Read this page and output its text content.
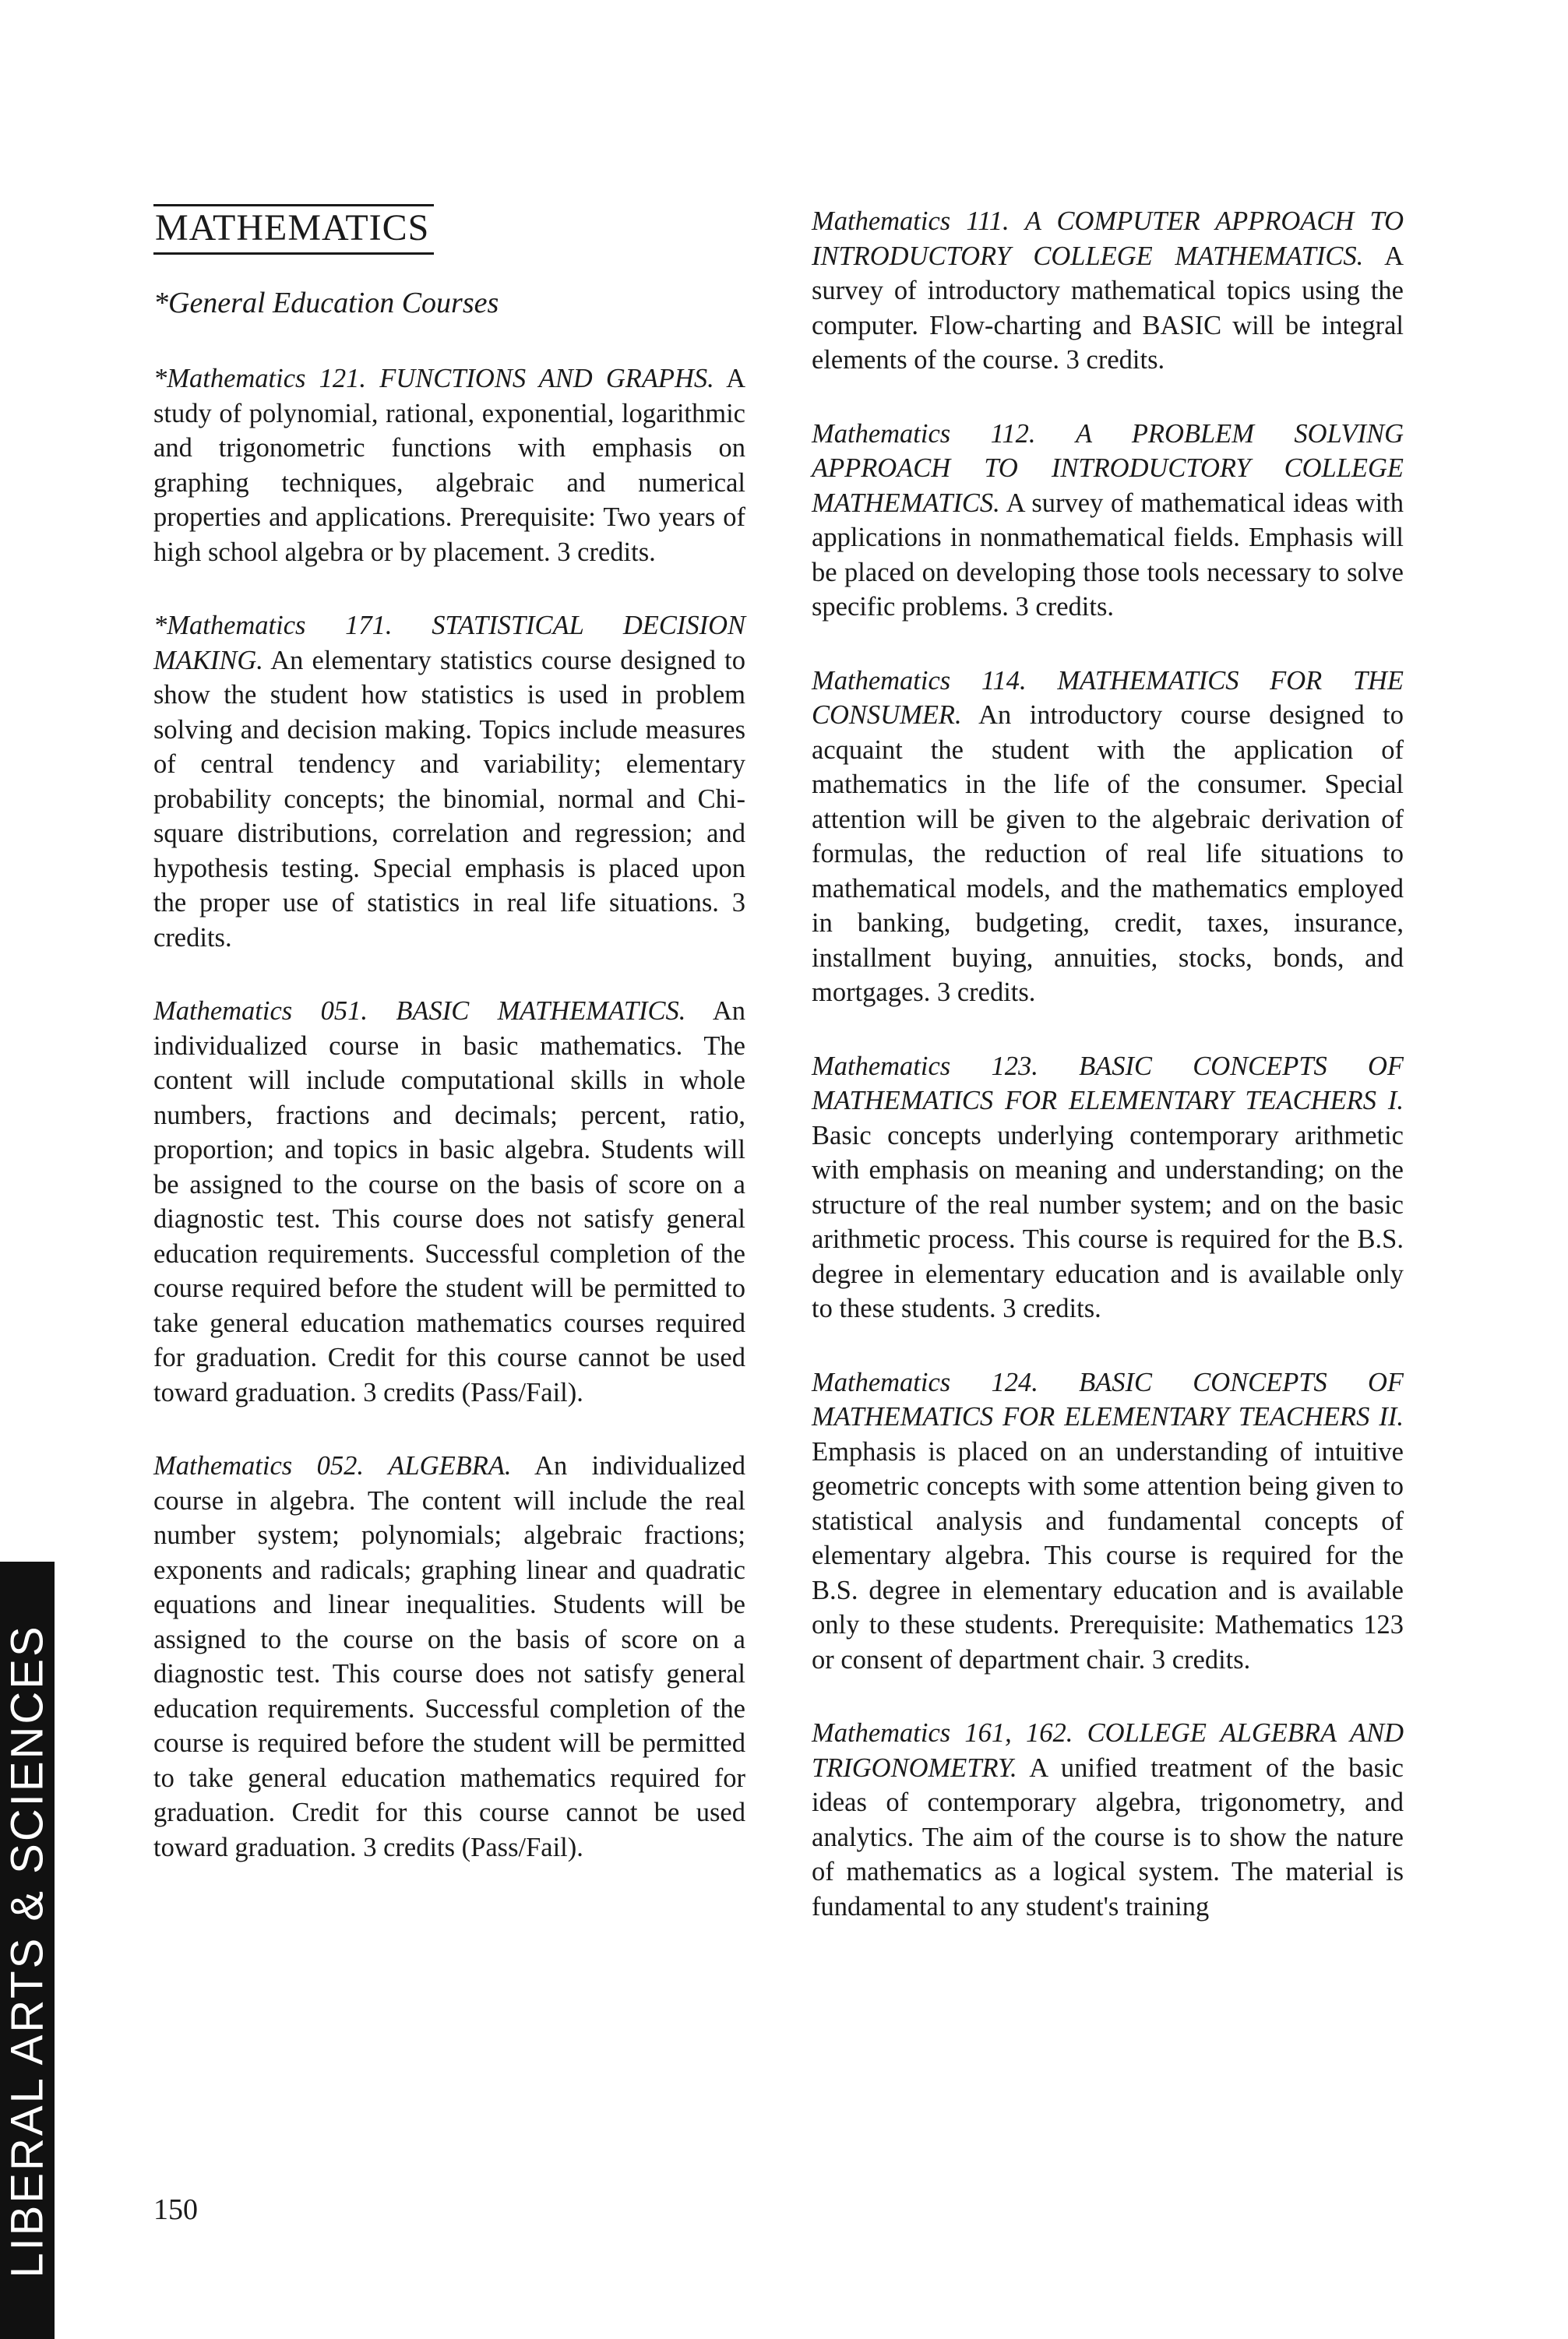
MATHEMATICS
*General Education Courses

*Mathematics 121. FUNCTIONS AND GRAPHS. A study of polynomial, rational, exponential, logarithmic and trigonometric functions with emphasis on graphing techniques, algebraic and numerical properties and applications. Prerequisite: Two years of high school algebra or by placement. 3 credits.

*Mathematics 171. STATISTICAL DECISION MAKING. An elementary statistics course designed to show the student how statistics is used in problem solving and decision making. Topics include measures of central tendency and variability; elementary probability concepts; the binomial, normal and Chi-square distributions, correlation and regression; and hypothesis testing. Special emphasis is placed upon the proper use of statistics in real life situations. 3 credits.

Mathematics 051. BASIC MATHEMATICS. An individualized course in basic mathematics. The content will include computational skills in whole numbers, fractions and decimals; percent, ratio, proportion; and topics in basic algebra. Students will be assigned to the course on the basis of score on a diagnostic test. This course does not satisfy general education requirements. Successful completion of the course required before the student will be permitted to take general education mathematics courses required for graduation. Credit for this course cannot be used toward graduation. 3 credits (Pass/Fail).

Mathematics 052. ALGEBRA. An individualized course in algebra. The content will include the real number system; polynomials; algebraic fractions; exponents and radicals; graphing linear and quadratic equations and linear inequalities. Students will be assigned to the course on the basis of score on a diagnostic test. This course does not satisfy general education requirements. Successful completion of the course is required before the student will be permitted to take general education mathematics required for graduation. Credit for this course cannot be used toward graduation. 3 credits (Pass/Fail).

Mathematics 111. A COMPUTER APPROACH TO INTRODUCTORY COLLEGE MATHEMATICS. A survey of introductory mathematical topics using the computer. Flow-charting and BASIC will be integral elements of the course. 3 credits.

Mathematics 112. A PROBLEM SOLVING APPROACH TO INTRODUCTORY COLLEGE MATHEMATICS. A survey of mathematical ideas with applications in nonmathematical fields. Emphasis will be placed on developing those tools necessary to solve specific problems. 3 credits.

Mathematics 114. MATHEMATICS FOR THE CONSUMER. An introductory course designed to acquaint the student with the application of mathematics in the life of the consumer. Special attention will be given to the algebraic derivation of formulas, the reduction of real life situations to mathematical models, and the mathematics employed in banking, budgeting, credit, taxes, insurance, installment buying, annuities, stocks, bonds, and mortgages. 3 credits.

Mathematics 123. BASIC CONCEPTS OF MATHEMATICS FOR ELEMENTARY TEACHERS I. Basic concepts underlying contemporary arithmetic with emphasis on meaning and understanding; on the structure of the real number system; and on the basic arithmetic process. This course is required for the B.S. degree in elementary education and is available only to these students. 3 credits.

Mathematics 124. BASIC CONCEPTS OF MATHEMATICS FOR ELEMENTARY TEACHERS II. Emphasis is placed on an understanding of intuitive geometric concepts with some attention being given to statistical analysis and fundamental concepts of elementary algebra. This course is required for the B.S. degree in elementary education and is available only to these students. Prerequisite: Mathematics 123 or consent of department chair. 3 credits.

Mathematics 161, 162. COLLEGE ALGEBRA AND TRIGONOMETRY. A unified treatment of the basic ideas of contemporary algebra, trigonometry, and analytics. The aim of the course is to show the nature of mathematics as a logical system. The material is fundamental to any student's training

LIBERAL ARTS & SCIENCES	150
